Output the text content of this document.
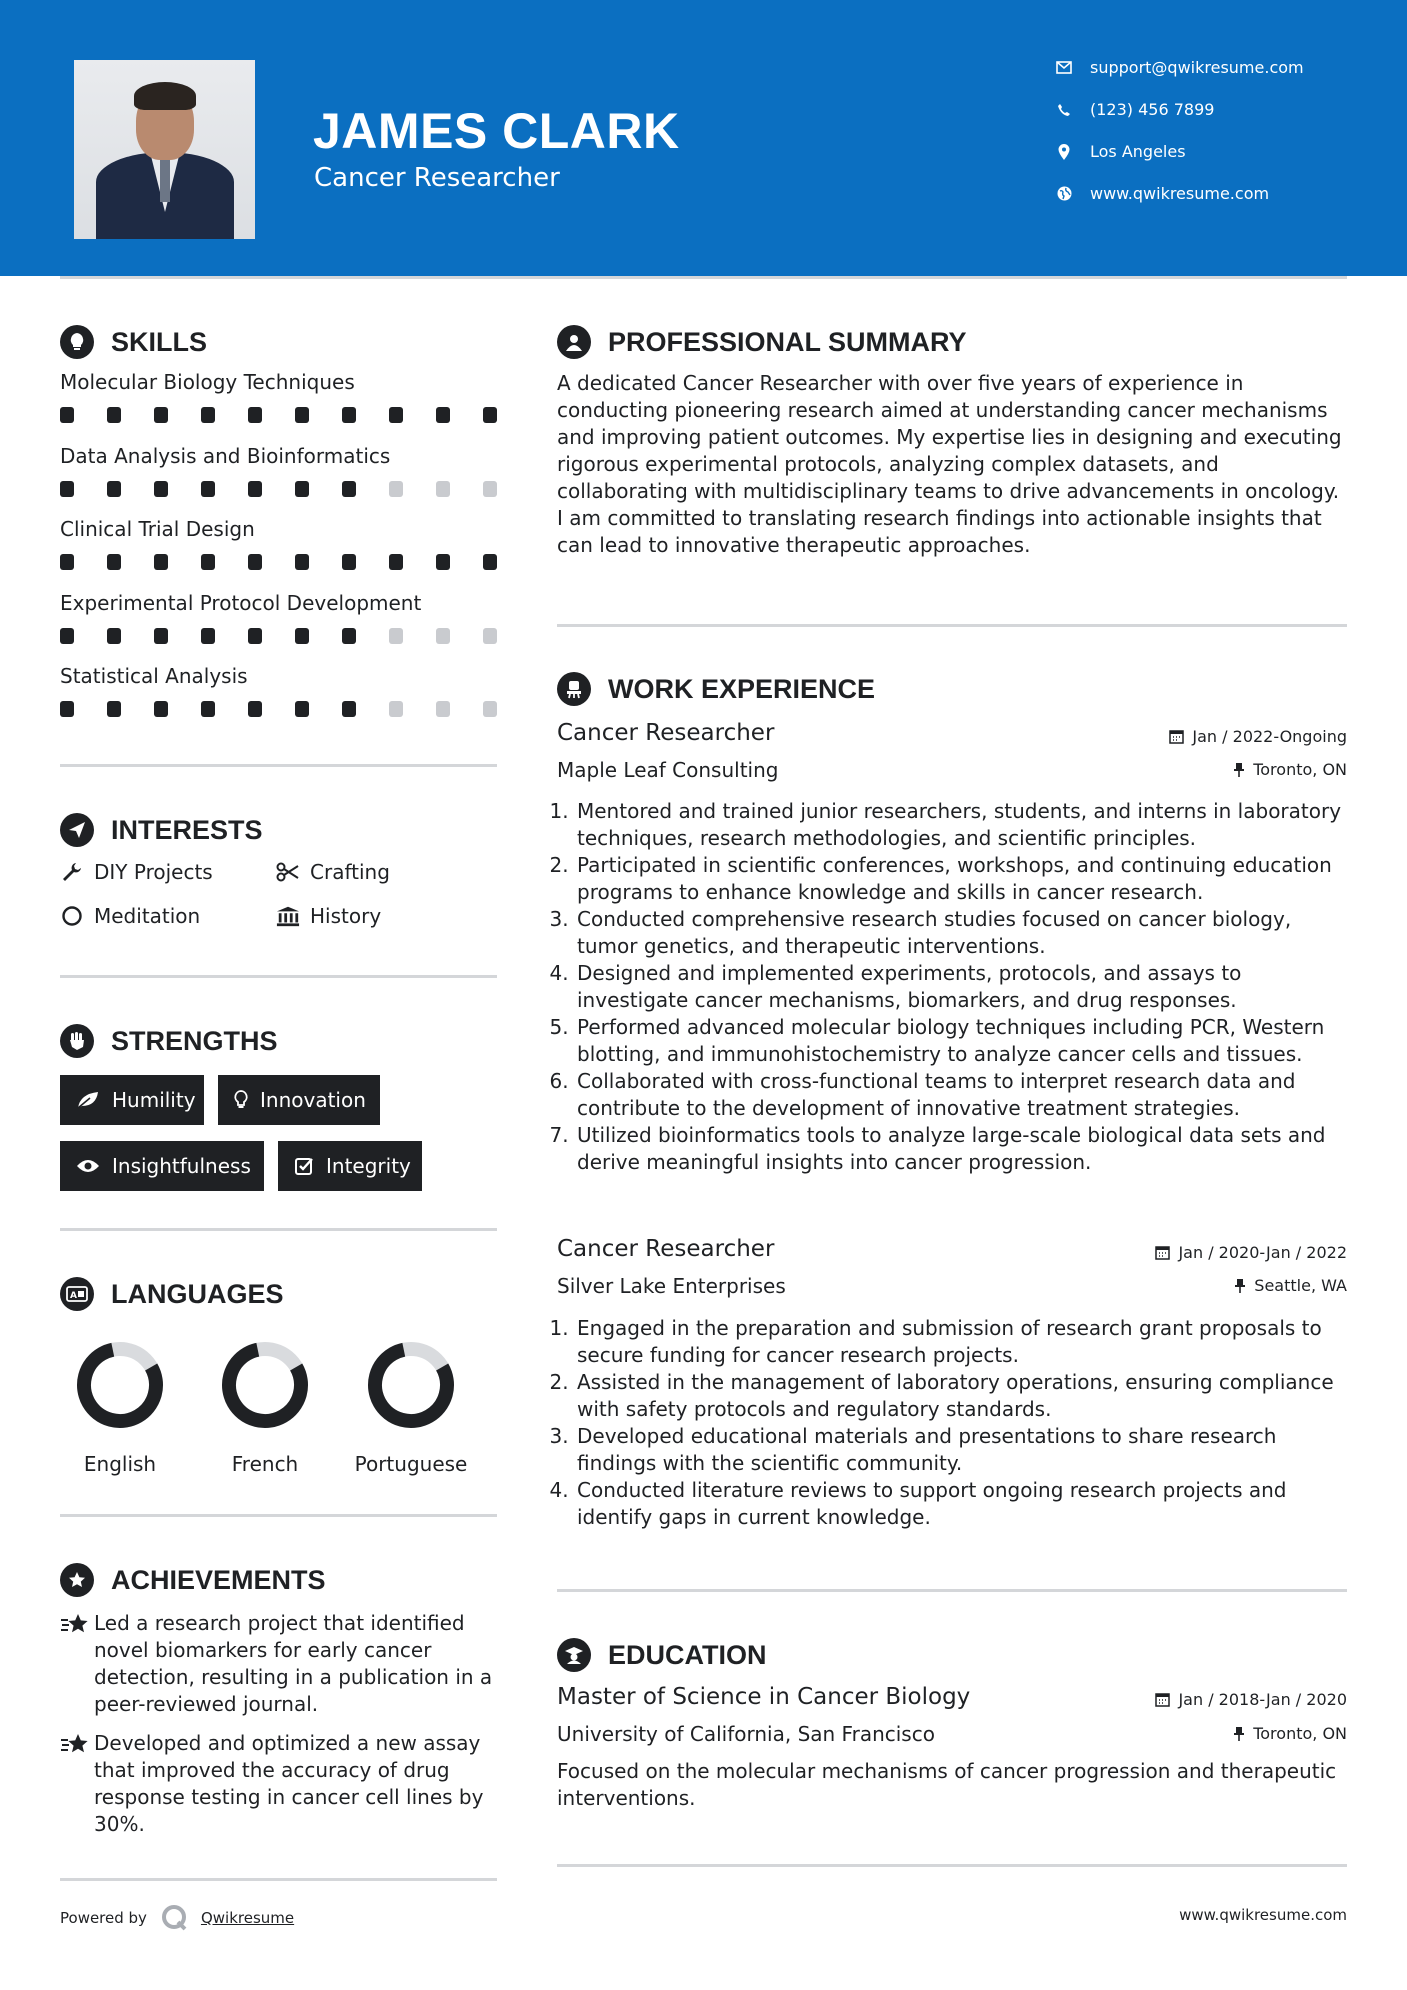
JAMES CLARK
Cancer Researcher
support@qwikresume.com
(123) 456 7899
Los Angeles
www.qwikresume.com
SKILLS
Molecular Biology Techniques
Data Analysis and Bioinformatics
Clinical Trial Design
Experimental Protocol Development
Statistical Analysis
INTERESTS
DIY Projects	Crafting
Meditation	History
STRENGTHS
Humility	Innovation
Insightfulness	Integrity
A LANGUAGES
English	French	Portuguese
ACHIEVEMENTS
Led a research project that identified novel biomarkers for early cancer detection, resulting in a publication in a peer-reviewed journal.
Developed and optimized a new assay that improved the accuracy of drug response testing in cancer cell lines by 30%.
PROFESSIONAL SUMMARY
A dedicated Cancer Researcher with over five years of experience in conducting pioneering research aimed at understanding cancer mechanisms and improving patient outcomes. My expertise lies in designing and executing rigorous experimental protocols, analyzing complex datasets, and collaborating with multidisciplinary teams to drive advancements in oncology. I am committed to translating research findings into actionable insights that can lead to innovative therapeutic approaches.
WORK EXPERIENCE
Cancer Researcher	Jan / 2022-Ongoing
Maple Leaf Consulting	Toronto, ON
1. Mentored and trained junior researchers, students, and interns in laboratory techniques, research methodologies, and scientific principles.
2. Participated in scientific conferences, workshops, and continuing education programs to enhance knowledge and skills in cancer research.
3. Conducted comprehensive research studies focused on cancer biology, tumor genetics, and therapeutic interventions.
4. Designed and implemented experiments, protocols, and assays to investigate cancer mechanisms, biomarkers, and drug responses.
5. Performed advanced molecular biology techniques including PCR, Western blotting, and immunohistochemistry to analyze cancer cells and tissues.
6. Collaborated with cross-functional teams to interpret research data and contribute to the development of innovative treatment strategies.
7. Utilized bioinformatics tools to analyze large-scale biological data sets and derive meaningful insights into cancer progression.
Cancer Researcher	Jan / 2020-Jan / 2022
Silver Lake Enterprises	Seattle, WA
1. Engaged in the preparation and submission of research grant proposals to secure funding for cancer research projects.
2. Assisted in the management of laboratory operations, ensuring compliance with safety protocols and regulatory standards.
3. Developed educational materials and presentations to share research findings with the scientific community.
4. Conducted literature reviews to support ongoing research projects and identify gaps in current knowledge.
EDUCATION
Master of Science in Cancer Biology	Jan / 2018-Jan / 2020
University of California, San Francisco	Toronto, ON
Focused on the molecular mechanisms of cancer progression and therapeutic interventions.
Powered by	Qwikresume	www.qwikresume.com
